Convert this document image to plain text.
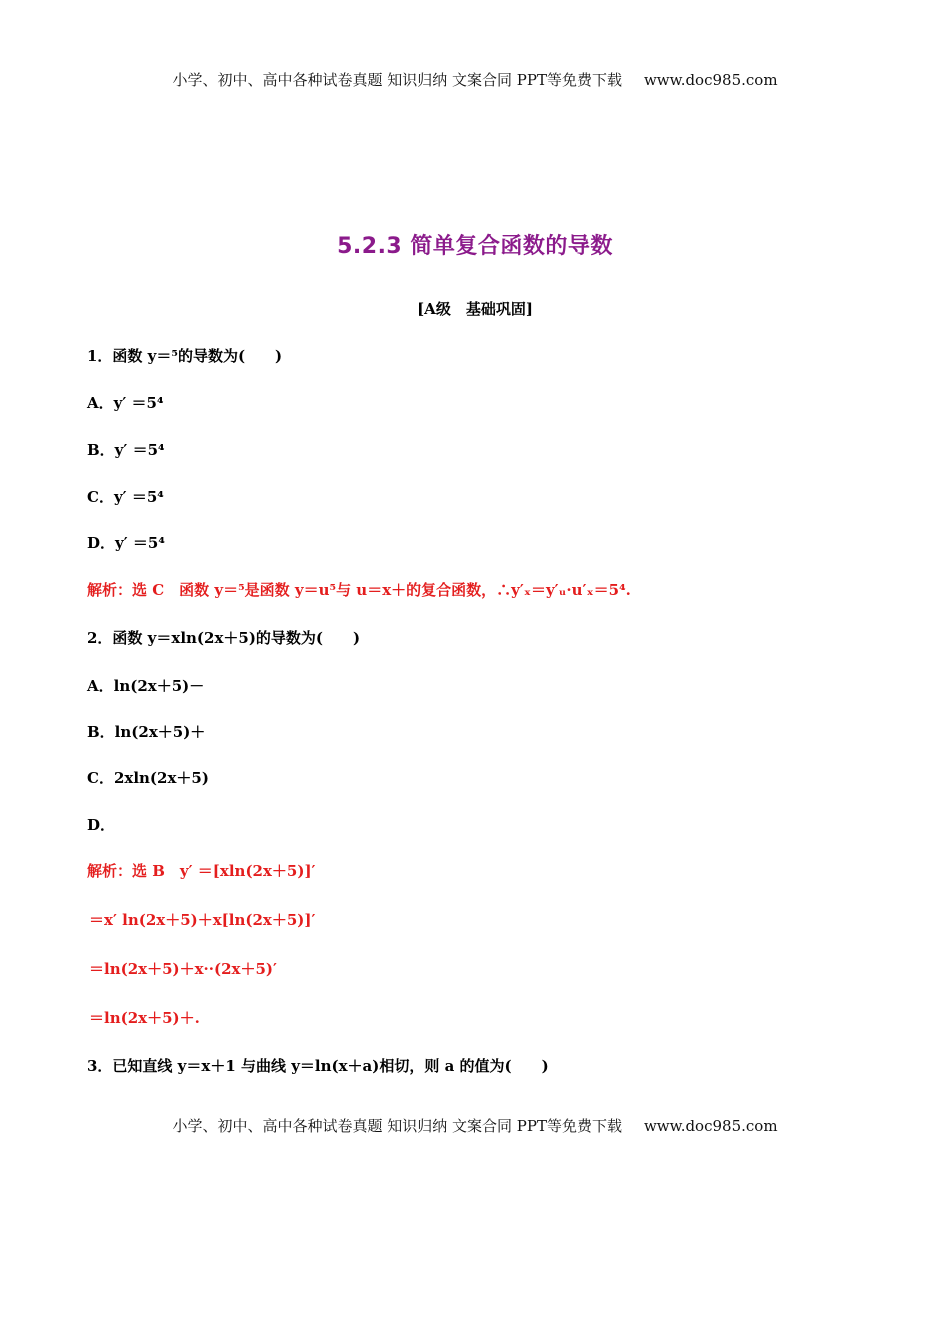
小学、初中、高中各种试卷真题 知识归纳 文案合同 PPT等免费下载 www.doc985.com
5.2.3 简单复合函数的导数
[A级　基础巩固]
1．函数 y＝⁵的导数为(　　)
A．y′ ＝5⁴
B．y′ ＝5⁴
C．y′ ＝5⁴
D．y′ ＝5⁴
解析：选 C　函数 y＝⁵是函数 y＝u⁵与 u＝x＋的复合函数，∴y′ₓ＝y′ᵤ·u′ₓ＝5⁴.
2．函数 y＝xln(2x＋5)的导数为(　　)
A．ln(2x＋5)－
B．ln(2x＋5)＋
C．2xln(2x＋5)
D．
解析：选 B　y′ ＝[xln(2x＋5)]′
＝x′ ln(2x＋5)＋x[ln(2x＋5)]′
＝ln(2x＋5)＋x··(2x＋5)′
＝ln(2x＋5)＋.
3．已知直线 y＝x＋1 与曲线 y＝ln(x＋a)相切，则 a 的值为(　　)
小学、初中、高中各种试卷真题 知识归纳 文案合同 PPT等免费下载 www.doc985.com
